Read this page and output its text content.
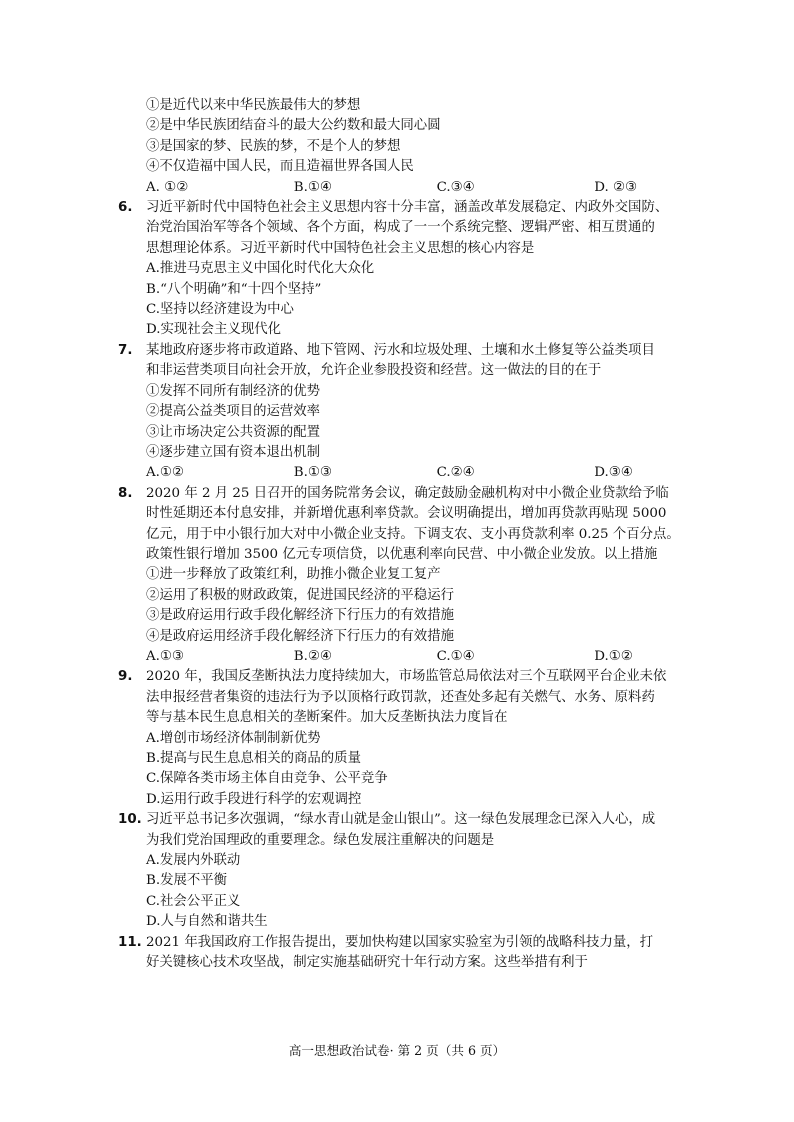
①是近代以来中华民族最伟大的梦想
②是中华民族团结奋斗的最大公约数和最大同心圆
③是国家的梦、民族的梦，不是个人的梦想
④不仅造福中国人民，而且造福世界各国人民
A. ①②	B.①④	C.③④	D. ②③
6. 习近平新时代中国特色社会主义思想内容十分丰富，涵盖改革发展稳定、内政外交国防、
治党治国治军等各个领域、各个方面，构成了一一个系统完整、逻辑严密、相互贯通的
思想理论体系。习近平新时代中国特色社会主义思想的核心内容是
A.推进马克思主义中国化时代化大众化
B.“八个明确”和“十四个坚持”
C.坚持以经济建设为中心
D.实现社会主义现代化
7. 某地政府逐步将市政道路、地下管网、污水和垃圾处理、土壤和水土修复等公益类项目
和非运营类项目向社会开放，允许企业参股投资和经营。这一做法的目的在于
①发挥不同所有制经济的优势
②提高公益类项目的运营效率
③让市场决定公共资源的配置
④逐步建立国有资本退出机制
A.①②	B.①③	C.②④	D.③④
8. 2020 年 2 月 25 日召开的国务院常务会议，确定鼓励金融机构对中小微企业贷款给予临
时性延期还本付息安排，并新增优惠利率贷款。会议明确提出，增加再贷款再贴现 5000
亿元，用于中小银行加大对中小微企业支持。下调支农、支小再贷款利率 0.25 个百分点。
政策性银行增加 3500 亿元专项信贷，以优惠利率向民营、中小微企业发放。以上措施
①进一步释放了政策红利，助推小微企业复工复产
②运用了积极的财政政策，促进国民经济的平稳运行
③是政府运用行政手段化解经济下行压力的有效措施
④是政府运用经济手段化解经济下行压力的有效措施
A.①③	B.②④	C.①④	D.①②
9. 2020 年，我国反垄断执法力度持续加大，市场监管总局依法对三个互联网平台企业未依
法申报经营者集资的违法行为予以顶格行政罚款，还查处多起有关燃气、水务、原料药
等与基本民生息息相关的垄断案件。加大反垄断执法力度旨在
A.增创市场经济体制制新优势
B.提高与民生息息相关的商品的质量
C.保障各类市场主体自由竞争、公平竞争
D.运用行政手段进行科学的宏观调控
10. 习近平总书记多次强调，“绿水青山就是金山银山”。这一绿色发展理念已深入人心，成
为我们党治国理政的重要理念。绿色发展注重解决的问题是
A.发展内外联动
B.发展不平衡
C.社会公平正义
D.人与自然和谐共生
11. 2021 年我国政府工作报告提出，要加快构建以国家实验室为引领的战略科技力量，打
好关键核心技术攻坚战，制定实施基础研究十年行动方案。这些举措有利于
高一思想政治试卷· 第 2 页（共 6 页）
